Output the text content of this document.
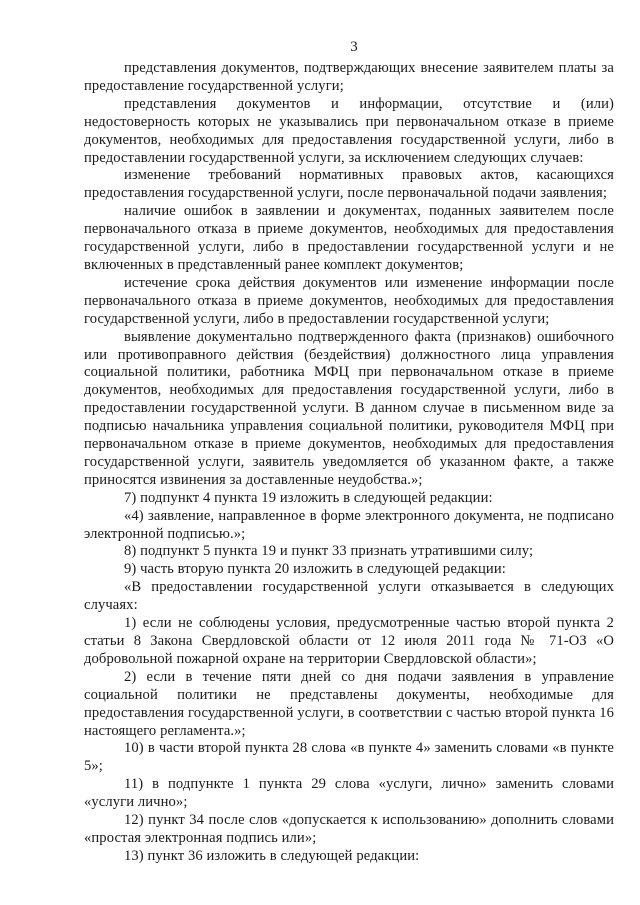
3

представления документов, подтверждающих внесение заявителем платы за предоставление государственной услуги;

представления документов и информации, отсутствие и (или) недостоверность которых не указывались при первоначальном отказе в приеме документов, необходимых для предоставления государственной услуги, либо в предоставлении государственной услуги, за исключением следующих случаев:

изменение требований нормативных правовых актов, касающихся предоставления государственной услуги, после первоначальной подачи заявления;

наличие ошибок в заявлении и документах, поданных заявителем после первоначального отказа в приеме документов, необходимых для предоставления государственной услуги, либо в предоставлении государственной услуги и не включенных в представленный ранее комплект документов;

истечение срока действия документов или изменение информации после первоначального отказа в приеме документов, необходимых для предоставления государственной услуги, либо в предоставлении государственной услуги;

выявление документально подтвержденного факта (признаков) ошибочного или противоправного действия (бездействия) должностного лица управления социальной политики, работника МФЦ при первоначальном отказе в приеме документов, необходимых для предоставления государственной услуги, либо в предоставлении государственной услуги. В данном случае в письменном виде за подписью начальника управления социальной политики, руководителя МФЦ при первоначальном отказе в приеме документов, необходимых для предоставления государственной услуги, заявитель уведомляется об указанном факте, а также приносятся извинения за доставленные неудобства.»;

7) подпункт 4 пункта 19 изложить в следующей редакции:

«4) заявление, направленное в форме электронного документа, не подписано электронной подписью.»;

8) подпункт 5 пункта 19 и пункт 33 признать утратившими силу;

9) часть вторую пункта 20 изложить в следующей редакции:

«В предоставлении государственной услуги отказывается в следующих случаях:

1) если не соблюдены условия, предусмотренные частью второй пункта 2 статьи 8 Закона Свердловской области от 12 июля 2011 года № 71-ОЗ «О добровольной пожарной охране на территории Свердловской области»;

2) если в течение пяти дней со дня подачи заявления в управление социальной политики не представлены документы, необходимые для предоставления государственной услуги, в соответствии с частью второй пункта 16 настоящего регламента.»;

10) в части второй пункта 28 слова «в пункте 4» заменить словами «в пункте 5»;

11) в подпункте 1 пункта 29 слова «услуги, лично» заменить словами «услуги лично»;

12) пункт 34 после слов «допускается к использованию» дополнить словами «простая электронная подпись или»;

13) пункт 36 изложить в следующей редакции:
